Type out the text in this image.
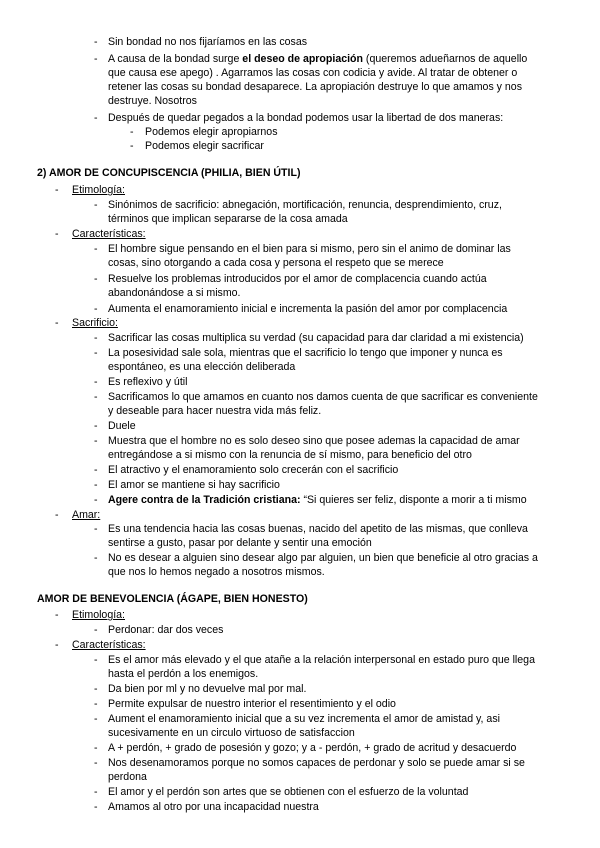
- Sin bondad no nos fijaríamos en las cosas
- A causa de la bondad surge el deseo de apropiación (queremos adueñarnos de aquello
que causa ese apego) . Agarramos las cosas con codicia y avide. Al tratar de obtener o
retener las cosas su bondad desaparece. La apropiación destruye lo que amamos y nos
destruye. Nosotros
- Después de quedar pegados a la bondad podemos usar la libertad de dos maneras:
- Podemos elegir apropiarnos
- Podemos elegir sacrificar
2) AMOR DE CONCUPISCENCIA (PHILIA, BIEN ÚTIL)
- Etimología:
- Sinónimos de sacrificio: abnegación, mortificación, renuncia, desprendimiento, cruz,
términos que implican separarse de la cosa amada
- Características:
- El hombre sigue pensando en el bien para si mismo, pero sin el animo de dominar las
cosas, sino otorgando a cada cosa y persona el respeto que se merece
- Resuelve los problemas introducidos por el amor de complacencia cuando actúa
abandonándose a si mismo.
- Aumenta el enamoramiento inicial e incrementa la pasión del amor por complacencia
- Sacrificio:
- Sacrificar las cosas multiplica su verdad (su capacidad para dar claridad a mi existencia)
- La posesividad sale sola, mientras que el sacrificio lo tengo que imponer y nunca es
espontáneo, es una elección deliberada
- Es reflexivo y útil
- Sacrificamos lo que amamos en cuanto nos damos cuenta de que sacrificar es conveniente
y deseable para hacer nuestra vida más feliz.
- Duele
- Muestra que el hombre no es solo deseo sino que posee ademas la capacidad de amar
entregándose a si mismo con la renuncia de sí mismo, para beneficio del otro
- El atractivo y el enamoramiento solo crecerán con el sacrificio
- El amor se mantiene si hay sacrificio
- Agere contra de la Tradición cristiana: “Si quieres ser feliz, disponte a morir a ti mismo
- Amar:
- Es una tendencia hacia las cosas buenas, nacido del apetito de las mismas, que conlleva
sentirse a gusto, pasar por delante y sentir una emoción
- No es desear a alguien sino desear algo par alguien, un bien que beneficie al otro gracias a
que nos lo hemos negado a nosotros mismos.
AMOR DE BENEVOLENCIA (ÁGAPE, BIEN HONESTO)
- Etimología:
- Perdonar: dar dos veces
- Características:
- Es el amor más elevado y el que atañe a la relación interpersonal en estado puro que llega
hasta el perdón a los enemigos.
- Da bien por ml y no devuelve mal por mal.
- Permite expulsar de nuestro interior el resentimiento y el odio
- Aument el enamoramiento inicial que a su vez incrementa el amor de amistad y, asi
sucesivamente en un circulo virtuoso de satisfaccion
- A + perdón, + grado de posesión y gozo; y a - perdón, + grado de acritud y desacuerdo
- Nos desenamoramos porque no somos capaces de perdonar y solo se puede amar si se
perdona
- El amor y el perdón son artes que se obtienen con el esfuerzo de la voluntad
- Amamos al otro por una incapacidad nuestra
